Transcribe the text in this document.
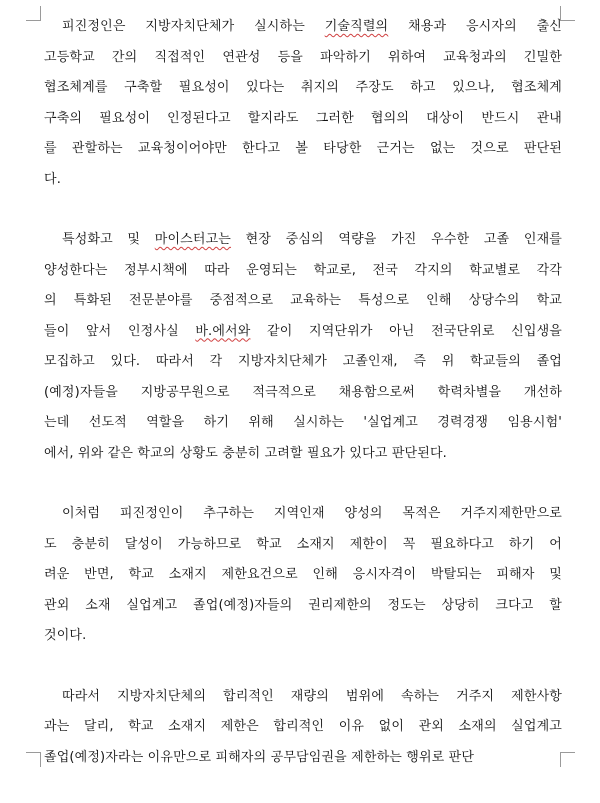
피진정인은 지방자치단체가 실시하는 기술직렬의 채용과 응시자의 출신
고등학교 간의 직접적인 연관성 등을 파악하기 위하여 교육청과의 긴밀한
협조체계를 구축할 필요성이 있다는 취지의 주장도 하고 있으나, 협조체계
구축의 필요성이 인정된다고 할지라도 그러한 협의의 대상이 반드시 관내
를 관할하는 교육청이어야만 한다고 볼 타당한 근거는 없는 것으로 판단된
다.
특성화고 및 마이스터고는 현장 중심의 역량을 가진 우수한 고졸 인재를
양성한다는 정부시책에 따라 운영되는 학교로, 전국 각지의 학교별로 각각
의 특화된 전문분야를 중점적으로 교육하는 특성으로 인해 상당수의 학교
들이 앞서 인정사실 바.에서와 같이 지역단위가 아닌 전국단위로 신입생을
모집하고 있다. 따라서 각 지방자치단체가 고졸인재, 즉 위 학교들의 졸업
(예정)자들을 지방공무원으로 적극적으로 채용함으로써 학력차별을 개선하
는데 선도적 역할을 하기 위해 실시하는 '실업계고 경력경쟁 임용시험'
에서, 위와 같은 학교의 상황도 충분히 고려할 필요가 있다고 판단된다.
이처럼 피진정인이 추구하는 지역인재 양성의 목적은 거주지제한만으로
도 충분히 달성이 가능하므로 학교 소재지 제한이 꼭 필요하다고 하기 어
려운 반면, 학교 소재지 제한요건으로 인해 응시자격이 박탈되는 피해자 및
관외 소재 실업계고 졸업(예정)자들의 권리제한의 정도는 상당히 크다고 할
것이다.
따라서 지방자치단체의 합리적인 재량의 범위에 속하는 거주지 제한사항
과는 달리, 학교 소재지 제한은 합리적인 이유 없이 관외 소재의 실업계고
졸업(예정)자라는 이유만으로 피해자의 공무담임권을 제한하는 행위로 판단
